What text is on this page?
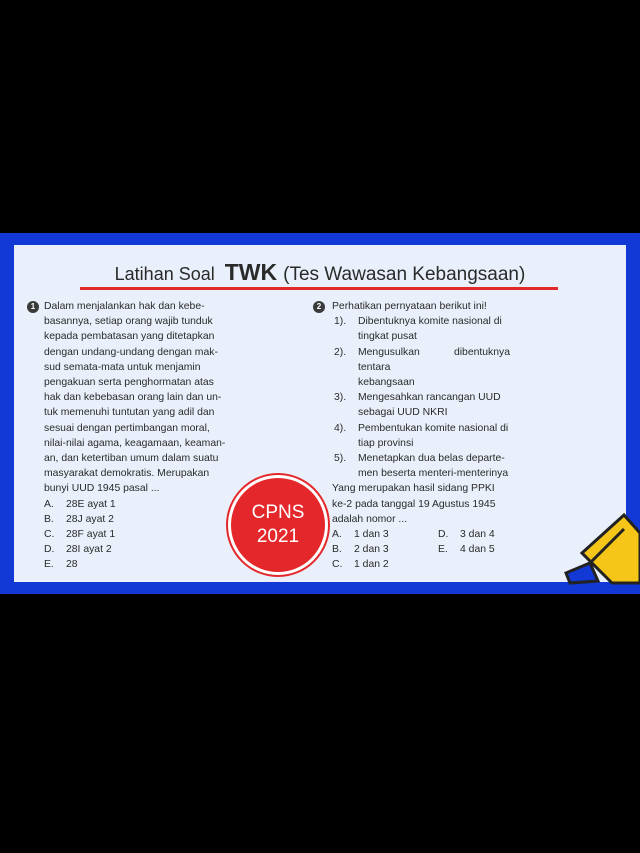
Latihan Soal TWK (Tes Wawasan Kebangsaan)
1 Dalam menjalankan hak dan kebe-
basannya, setiap orang wajib tunduk
kepada pembatasan yang ditetapkan
dengan undang-undang dengan mak-
sud semata-mata untuk menjamin
pengakuan serta penghormatan atas
hak dan kebebasan orang lain dan un-
tuk memenuhi tuntutan yang adil dan
sesuai dengan pertimbangan moral,
nilai-nilai agama, keagamaan, keaman-
an, dan ketertiban umum dalam suatu
masyarakat demokratis. Merupakan
bunyi UUD 1945 pasal ...
A.	28E ayat 1
B.	28J ayat 2
C.	28F ayat 1
D.	28I ayat 2
E.	28
2	Perhatikan pernyataan berikut ini!
1).	Dibentuknya komite nasional di
tingkat pusat
2).	Mengusulkan dibentuknya tentara
kebangsaan
3).	Mengesahkan rancangan UUD
sebagai UUD NKRI
4).	Pembentukan komite nasional di
tiap provinsi
5).	Menetapkan dua belas departe-
men beserta menteri-menterinya
Yang merupakan hasil sidang PPKI
ke-2 pada tanggal 19 Agustus 1945
adalah nomor ...
A.	1 dan 3
B.	2 dan 3
C.	1 dan 2
D.	3 dan 4
E.	4 dan 5
CPNS
2021
